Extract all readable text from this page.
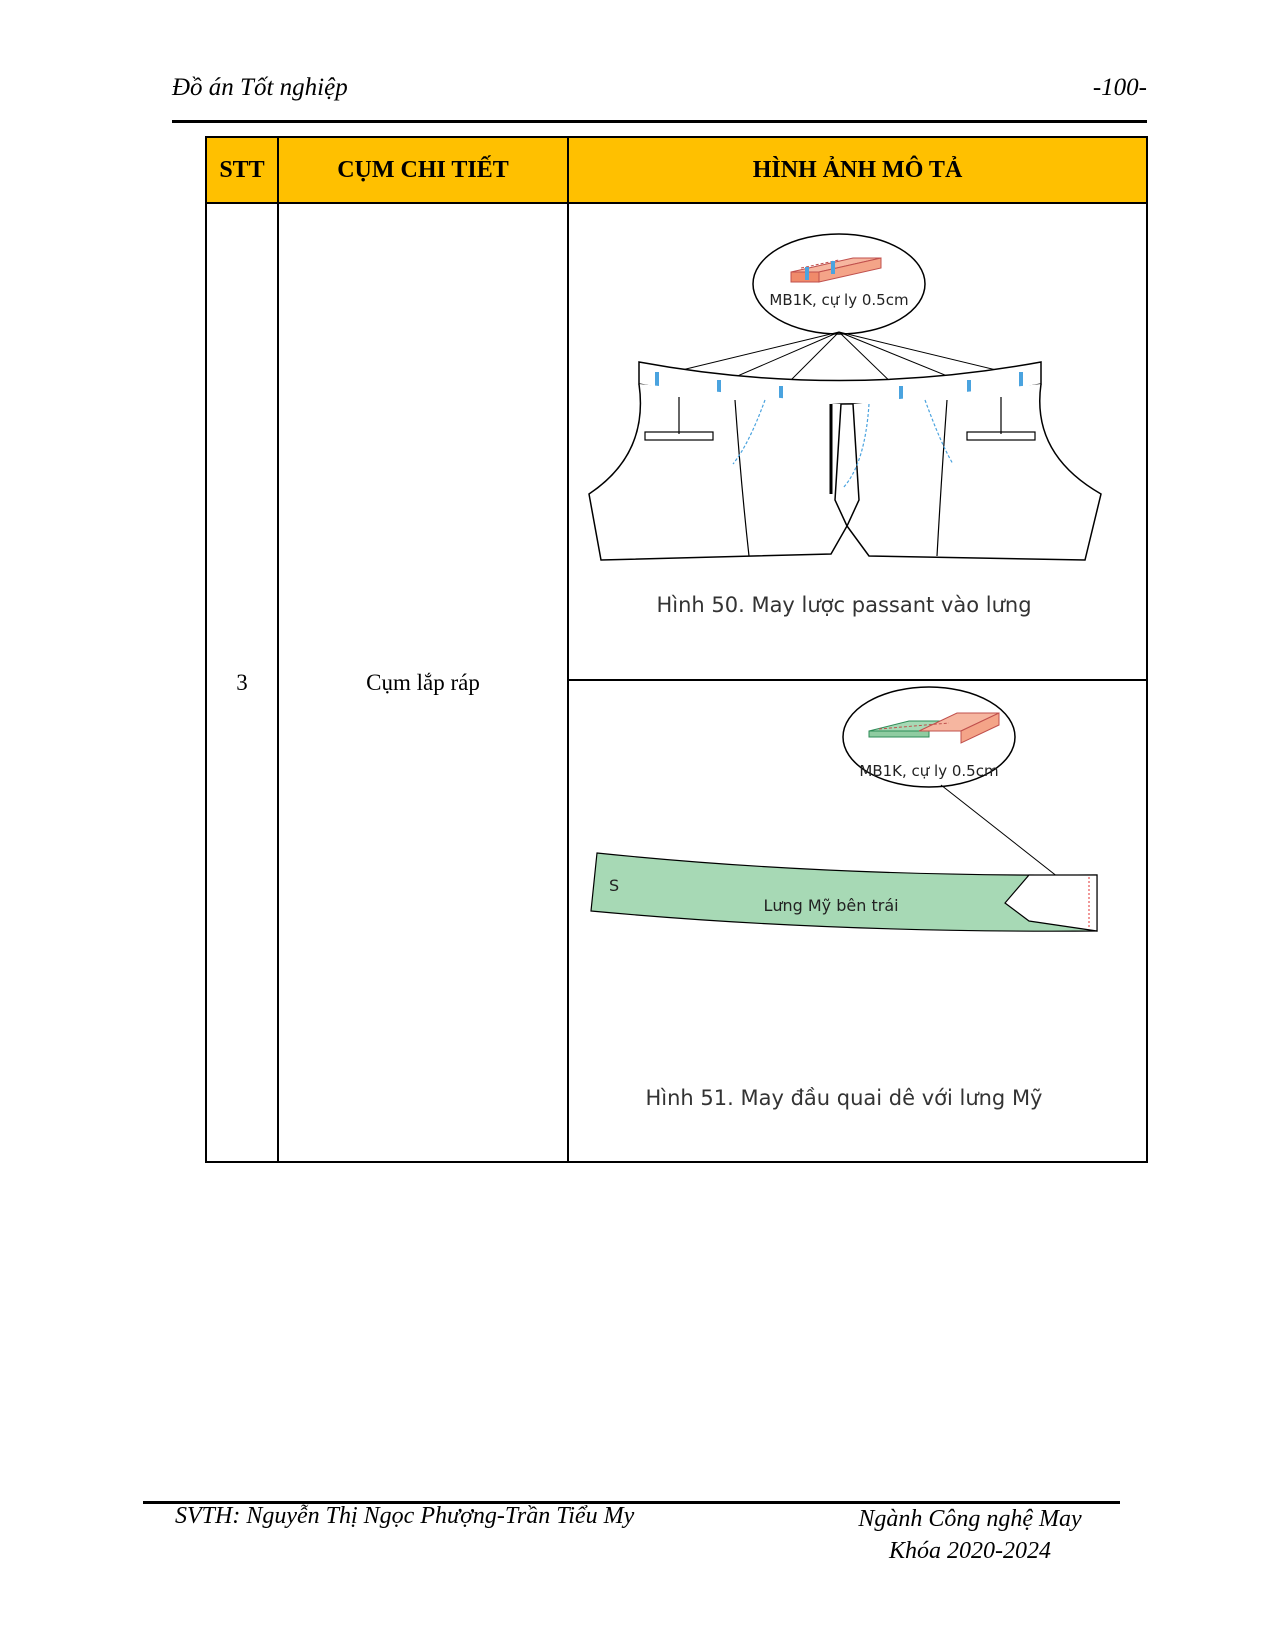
Đồ án Tốt nghiệp	-100-
STT	CỤM CHI TIẾT	HÌNH ẢNH MÔ TẢ
3	Cụm lắp ráp	MB1K, cự ly 0.5cm
Hình 50. May lược passant vào lưng

MB1K, cự ly 0.5cm
S
Lưng Mỹ bên trái
Hình 51. May đầu quai dê với lưng Mỹ
SVTH: Nguyễn Thị Ngọc Phượng-Trần Tiểu My	Ngành Công nghệ May
Khóa 2020-2024
